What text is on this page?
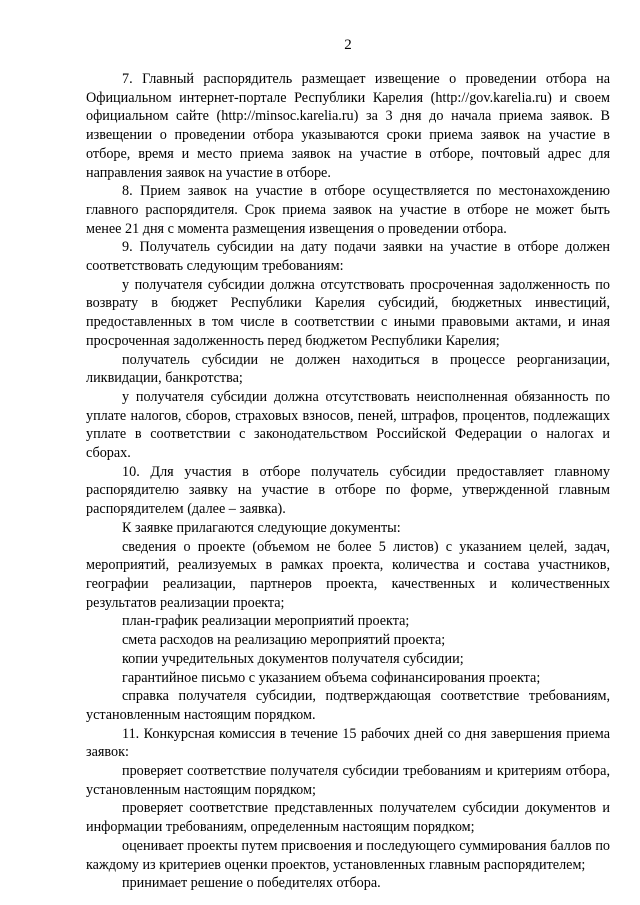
2

7. Главный распорядитель размещает извещение о проведении отбора на Официальном интернет-портале Республики Карелия (http://gov.karelia.ru) и своем официальном сайте (http://minsoc.karelia.ru) за 3 дня до начала приема заявок. В извещении о проведении отбора указываются сроки приема заявок на участие в отборе, время и место приема заявок на участие в отборе, почтовый адрес для направления заявок на участие в отборе.

8. Прием заявок на участие в отборе осуществляется по местонахождению главного распорядителя. Срок приема заявок на участие в отборе не может быть менее 21 дня с момента размещения извещения о проведении отбора.

9. Получатель субсидии на дату подачи заявки на участие в отборе должен соответствовать следующим требованиям:

у получателя субсидии должна отсутствовать просроченная задолженность по возврату в бюджет Республики Карелия субсидий, бюджетных инвестиций, предоставленных в том числе в соответствии с иными правовыми актами, и иная просроченная задолженность перед бюджетом Республики Карелия;

получатель субсидии не должен находиться в процессе реорганизации, ликвидации, банкротства;

у получателя субсидии должна отсутствовать неисполненная обязанность по уплате налогов, сборов, страховых взносов, пеней, штрафов, процентов, подлежащих уплате в соответствии с законодательством Российской Федерации о налогах и сборах.

10. Для участия в отборе получатель субсидии предоставляет главному распорядителю заявку на участие в отборе по форме, утвержденной главным распорядителем (далее – заявка).

К заявке прилагаются следующие документы:

сведения о проекте (объемом не более 5 листов) с указанием целей, задач, мероприятий, реализуемых в рамках проекта, количества и состава участников, географии реализации, партнеров проекта, качественных и количественных результатов реализации проекта;

план-график реализации мероприятий проекта;

смета расходов на реализацию мероприятий проекта;

копии учредительных документов получателя субсидии;

гарантийное письмо с указанием объема софинансирования проекта;

справка получателя субсидии, подтверждающая соответствие требованиям, установленным настоящим порядком.

11. Конкурсная комиссия в течение 15 рабочих дней со дня завершения приема заявок:

проверяет соответствие получателя субсидии требованиям и критериям отбора, установленным настоящим порядком;

проверяет соответствие представленных получателем субсидии документов и информации требованиям, определенным настоящим порядком;

оценивает проекты путем присвоения и последующего суммирования баллов по каждому из критериев оценки проектов, установленных главным распорядителем;

принимает решение о победителях отбора.
